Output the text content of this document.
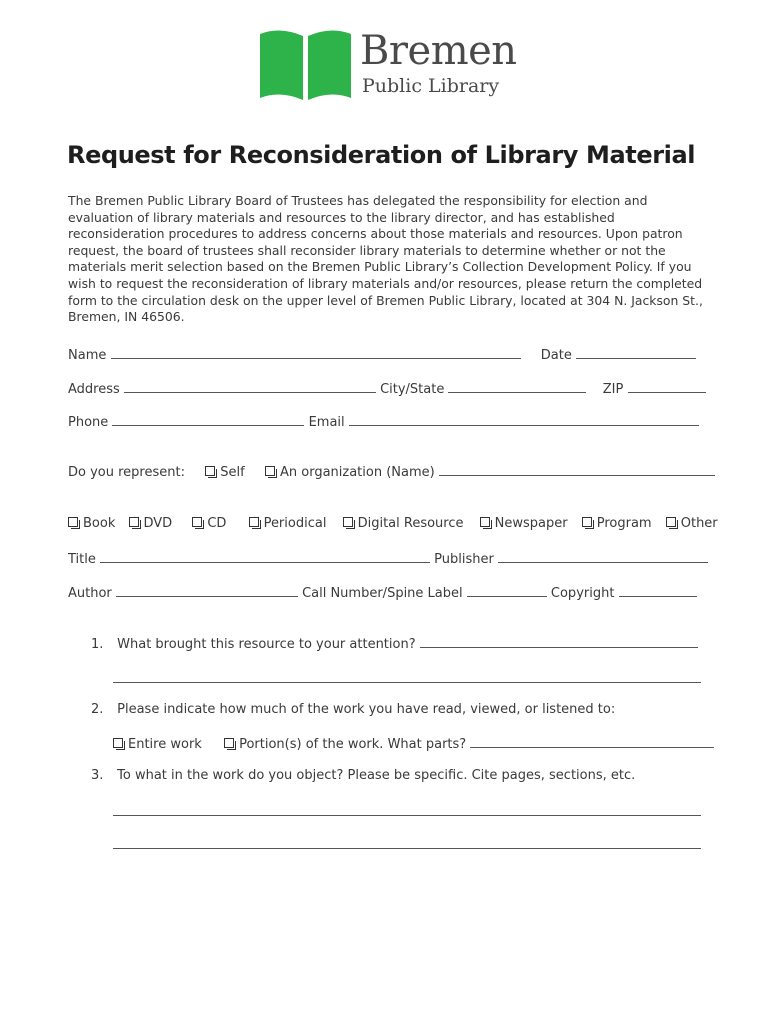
Bremen
Public Library
Request for Reconsideration of Library Material
The Bremen Public Library Board of Trustees has delegated the responsibility for election and evaluation of library materials and resources to the library director, and has established reconsideration procedures to address concerns about those materials and resources. Upon patron request, the board of trustees shall reconsider library materials to determine whether or not the materials merit selection based on the Bremen Public Library’s Collection Development Policy. If you wish to request the reconsideration of library materials and/or resources, please return the completed form to the circulation desk on the upper level of Bremen Public Library, located at 304 N. Jackson St., Bremen, IN 46506.
Name	Date
Address	City/State	ZIP
Phone	Email
Do you represent:	Self	An organization (Name)
Book DVD	CD	Periodical Digital Resource Newspaper Program Other
Title	Publisher
Author	Call Number/Spine Label	Copyright
1. What brought this resource to your attention?
2. Please indicate how much of the work you have read, viewed, or listened to:
Entire work	Portion(s) of the work. What parts?
3. To what in the work do you object? Please be specific. Cite pages, sections, etc.
